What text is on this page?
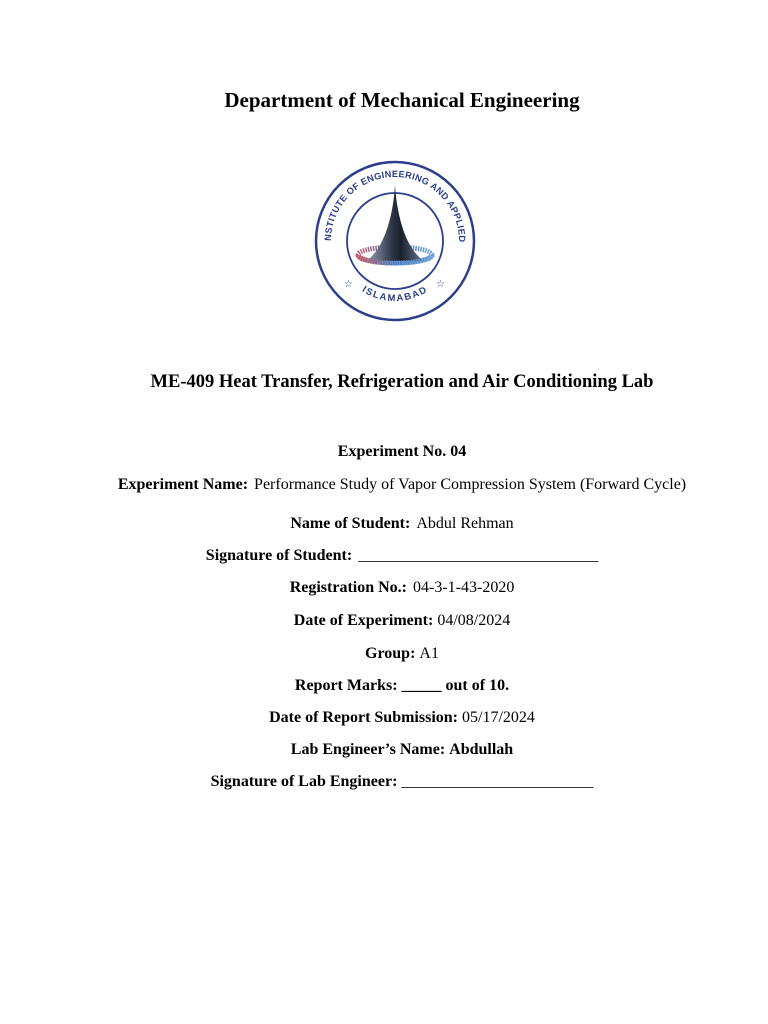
Department of Mechanical Engineering
NSTITUTE OF ENGINEERING AND APPLIED
ISLAMABAD
☆	☆
ME-409 Heat Transfer, Refrigeration and Air Conditioning Lab
Experiment No. 04
Experiment Name: Performance Study of Vapor Compression System (Forward Cycle)
Name of Student: Abdul Rehman
Signature of Student: ______________________________
Registration No.: 04-3-1-43-2020
Date of Experiment: 04/08/2024
Group: A1
Report Marks: _____ out of 10.
Date of Report Submission: 05/17/2024
Lab Engineer’s Name: Abdullah
Signature of Lab Engineer: ________________________
